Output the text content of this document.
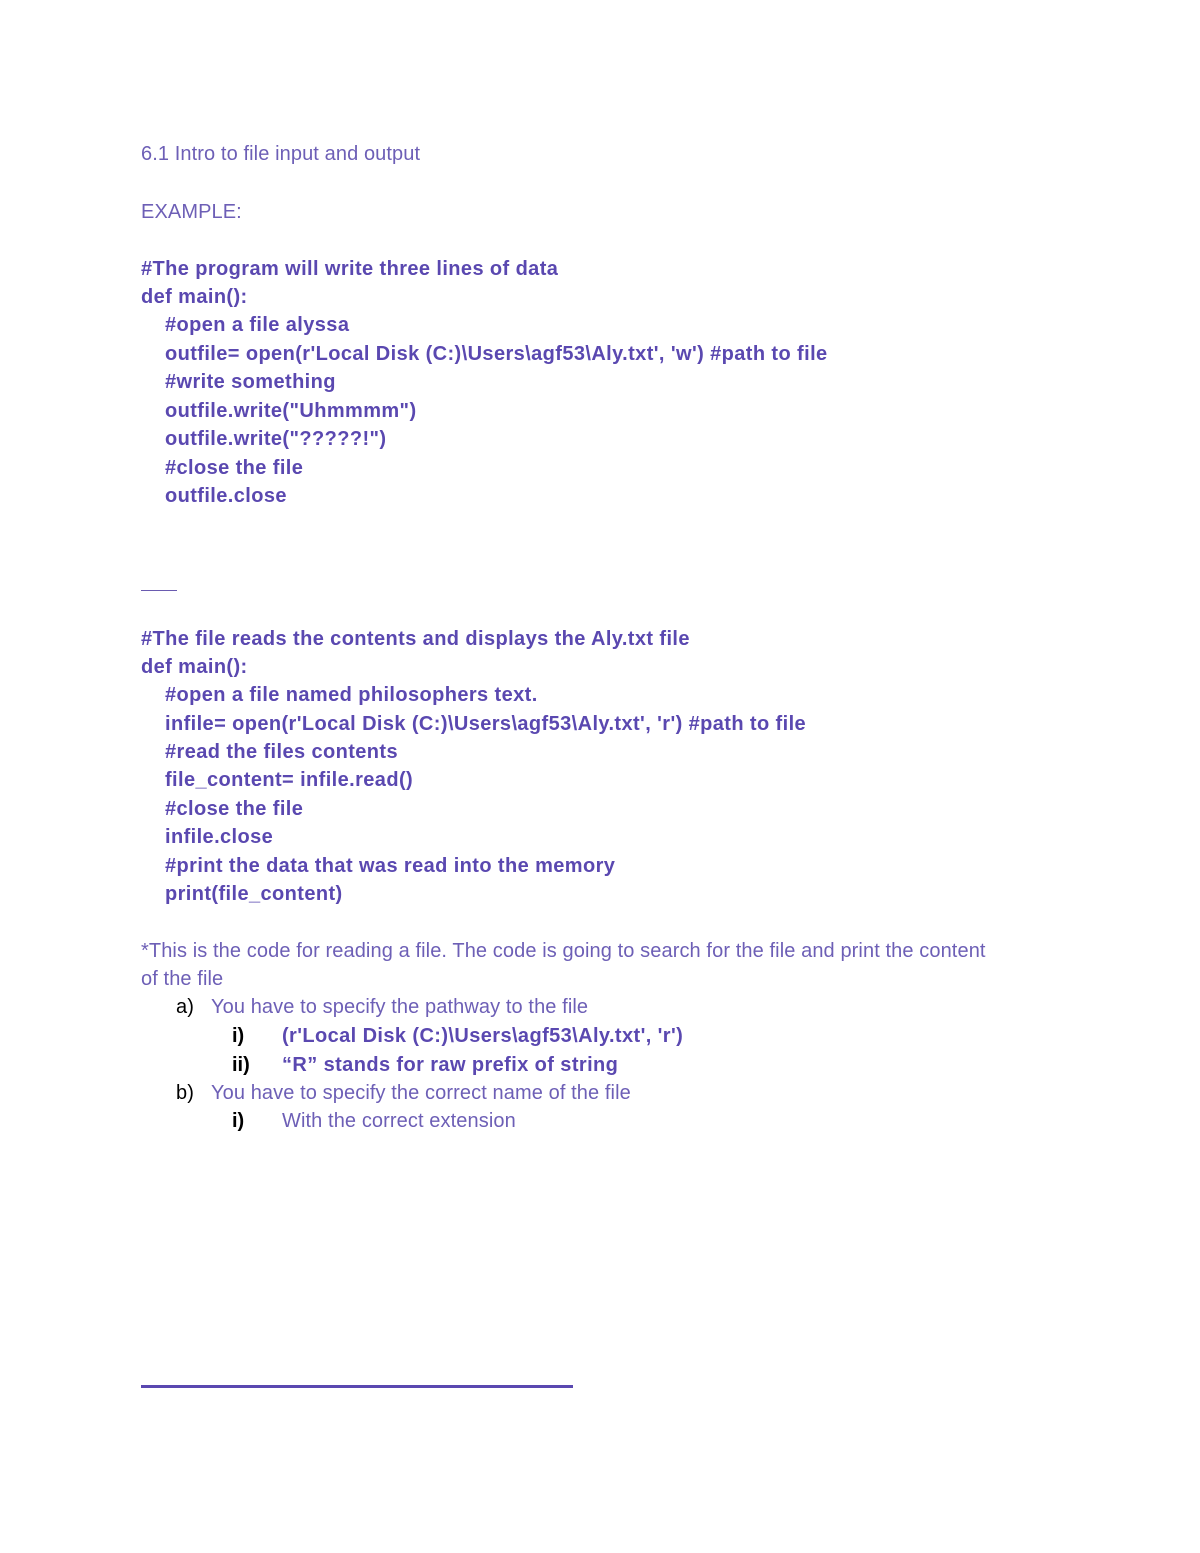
6.1 Intro to file input and output
EXAMPLE:
#The program will write three lines of data
def main():
#open a file alyssa
outfile= open(r'Local Disk (C:)\Users\agf53\Aly.txt', 'w') #path to file
#write something
outfile.write("Uhmmmm")
outfile.write("?????!")
#close the file
outfile.close
#The file reads the contents and displays the Aly.txt file
def main():
#open a file named philosophers text.
infile= open(r'Local Disk (C:)\Users\agf53\Aly.txt', 'r') #path to file
#read the files contents
file_content= infile.read()
#close the file
infile.close
#print the data that was read into the memory
print(file_content)
*This is the code for reading a file. The code is going to search for the file and print the content
of the file
a) You have to specify the pathway to the file
i) (r'Local Disk (C:)\Users\agf53\Aly.txt', 'r')
ii) “R” stands for raw prefix of string
b) You have to specify the correct name of the file
i) With the correct extension
